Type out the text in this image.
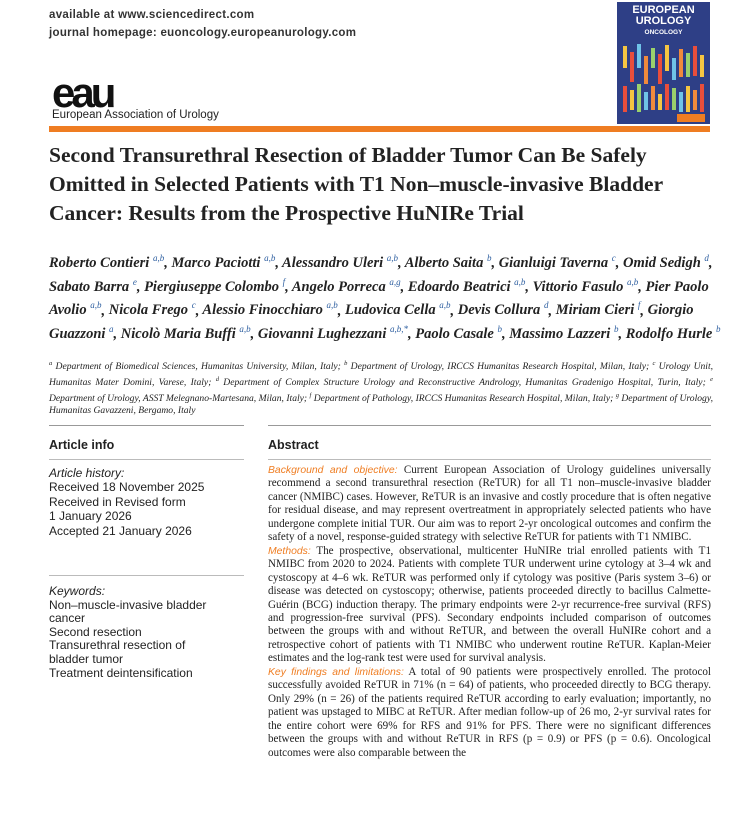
available at www.sciencedirect.com
journal homepage: euoncology.europeanurology.com
eau
European Association of Urology
EUROPEAN
UROLOGY
ONCOLOGY
Second Transurethral Resection of Bladder Tumor Can Be Safely Omitted in Selected Patients with T1 Non–muscle-invasive Bladder Cancer: Results from the Prospective HuNIRe Trial
Roberto Contieri $^{a,b}$, Marco Paciotti $^{a,b}$, Alessandro Uleri $^{a,b}$, Alberto Saita $^b$, Gianluigi Taverna $^c$, Omid Sedigh $^d$, Sabato Barra $^e$, Piergiuseppe Colombo $^f$, Angelo Porreca $^{a,g}$, Edoardo Beatrici $^{a,b}$, Vittorio Fasulo $^{a,b}$, Pier Paolo Avolio $^{a,b}$, Nicola Frego $^c$, Alessio Finocchiaro $^{a,b}$, Ludovica Cella $^{a,b}$, Devis Collura $^d$, Miriam Cieri $^f$, Giorgio Guazzoni $^a$, Nicolò Maria Buffi $^{a,b}$, Giovanni Lughezzani $^{a,b,*}$, Paolo Casale $^b$, Massimo Lazzeri $^b$, Rodolfo Hurle $^b$
$^a$ Department of Biomedical Sciences, Humanitas University, Milan, Italy; $^b$ Department of Urology, IRCCS Humanitas Research Hospital, Milan, Italy; $^c$ Urology Unit, Humanitas Mater Domini, Varese, Italy; $^d$ Department of Complex Structure Urology and Reconstructive Andrology, Humanitas Gradenigo Hospital, Turin, Italy; $^e$ Department of Urology, ASST Melegnano-Martesana, Milan, Italy; $^f$ Department of Pathology, IRCCS Humanitas Research Hospital, Milan, Italy; $^g$ Department of Urology, Humanitas Gavazzeni, Bergamo, Italy
Article info	Abstract
Article history:
Received 18 November 2025
Received in Revised form
1 January 2026
Accepted 21 January 2026
Keywords:
Non–muscle-invasive bladder
cancer
Second resection
Transurethral resection of
bladder tumor
Treatment deintensification

Background and objective: Current European Association of Urology guidelines universally recommend a second transurethral resection (ReTUR) for all T1 non–muscle-invasive bladder cancer (NMIBC) cases. However, ReTUR is an invasive and costly procedure that is often negative for residual disease, and may represent overtreatment in appropriately selected patients who have undergone complete initial TUR. Our aim was to report 2-yr oncological outcomes and confirm the safety of a novel, response-guided strategy with selective ReTUR for patients with T1 NMIBC.

Methods: The prospective, observational, multicenter HuNIRe trial enrolled patients with T1 NMIBC from 2020 to 2024. Patients with complete TUR underwent urine cytology at 3–4 wk and cystoscopy at 4–6 wk. ReTUR was performed only if cytology was positive (Paris system 3–6) or disease was detected on cystoscopy; otherwise, patients proceeded directly to bacillus Calmette-Guérin (BCG) induction therapy. The primary endpoints were 2-yr recurrence-free survival (RFS) and progression-free survival (PFS). Secondary endpoints included comparison of outcomes between the groups with and without ReTUR, and between the overall HuNIRe cohort and a retrospective cohort of patients with T1 NMIBC who underwent routine ReTUR. Kaplan-Meier estimates and the log-rank test were used for survival analysis.

Key findings and limitations: A total of 90 patients were prospectively enrolled. The protocol successfully avoided ReTUR in 71% (n = 64) of patients, who proceeded directly to BCG therapy. Only 29% (n = 26) of the patients required ReTUR according to early evaluation; importantly, no patient was upstaged to MIBC at ReTUR. After median follow-up of 26 mo, 2-yr survival rates for the entire cohort were 69% for RFS and 91% for PFS. There were no significant differences between the groups with and without ReTUR in RFS (p = 0.9) or PFS (p = 0.6). Oncological outcomes were also comparable between the
